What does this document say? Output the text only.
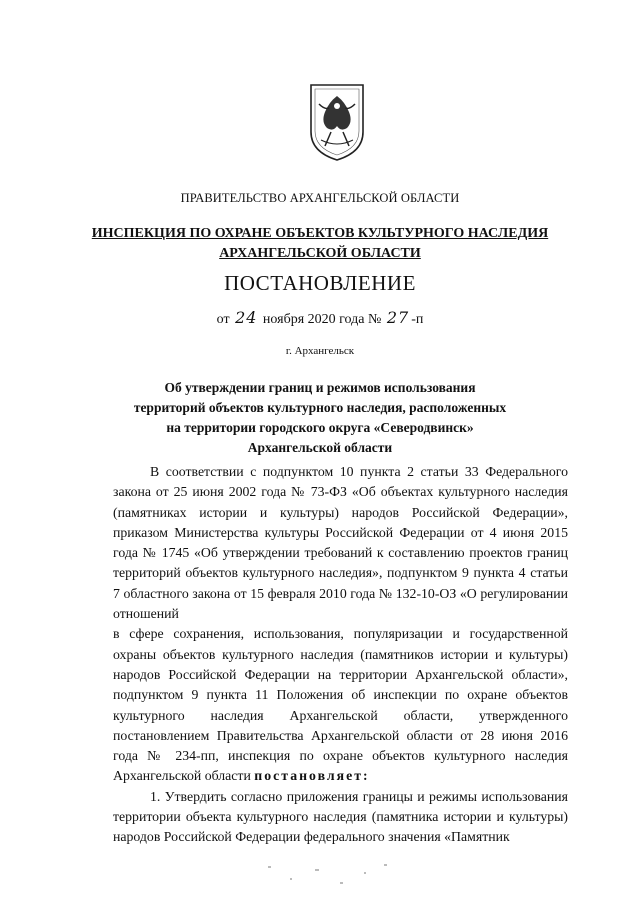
ПРАВИТЕЛЬСТВО АРХАНГЕЛЬСКОЙ ОБЛАСТИ
ИНСПЕКЦИЯ ПО ОХРАНЕ ОБЪЕКТОВ КУЛЬТУРНОГО НАСЛЕДИЯ
АРХАНГЕЛЬСКОЙ ОБЛАСТИ
ПОСТАНОВЛЕНИЕ
от 24 ноября 2020 года № 27 -п
г. Архангельск
Об утверждении границ и режимов использования
территорий объектов культурного наследия, расположенных
на территории городского округа «Северодвинск»
Архангельской области

В соответствии с подпунктом 10 пункта 2 статьи 33 Федерального закона от 25 июня 2002 года № 73-ФЗ «Об объектах культурного наследия (памятниках истории и культуры) народов Российской Федерации», приказом Министерства культуры Российской Федерации от 4 июня 2015 года № 1745 «Об утверждении требований к составлению проектов границ территорий объектов культурного наследия», подпунктом 9 пункта 4 статьи 7 областного закона от 15 февраля 2010 года № 132-10-ОЗ «О регулировании отношений

в сфере сохранения, использования, популяризации и государственной охраны объектов культурного наследия (памятников истории и культуры) народов Российской Федерации на территории Архангельской области», подпунктом 9 пункта 11 Положения об инспекции по охране объектов культурного наследия Архангельской области, утвержденного постановлением Правительства Архангельской области от 28 июня 2016 года № 234-пп, инспекция по охране объектов культурного наследия Архангельской области постановляет:

1. Утвердить согласно приложения границы и режимы использования территории объекта культурного наследия (памятника истории и культуры) народов Российской Федерации федерального значения «Памятник
